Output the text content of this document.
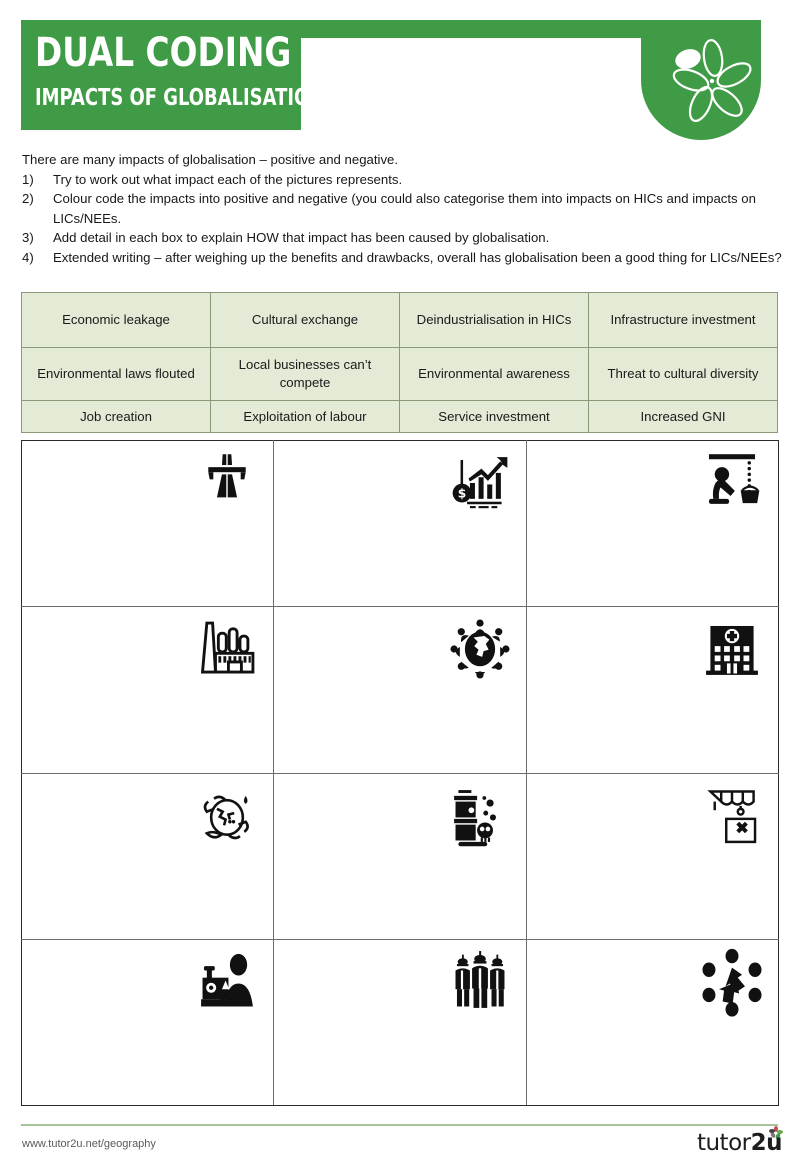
DUAL CODING
IMPACTS OF GLOBALISATION
There are many impacts of globalisation – positive and negative.
1)	Try to work out what impact each of the pictures represents.
2)	Colour code the impacts into positive and negative (you could also categorise them into impacts on HICs and impacts on LICs/NEEs.
3)	Add detail in each box to explain HOW that impact has been caused by globalisation.
4)	Extended writing – after weighing up the benefits and drawbacks, overall has globalisation been a good thing for LICs/NEEs?
Economic leakage	Cultural exchange	Deindustrialisation in HICs	Infrastructure investment
Environmental laws flouted	Local businesses can’t compete	Environmental awareness	Threat to cultural diversity
Job creation	Exploitation of labour	Service investment	Increased GNI

$

www.tutor2u.net/geography	tutor2u
